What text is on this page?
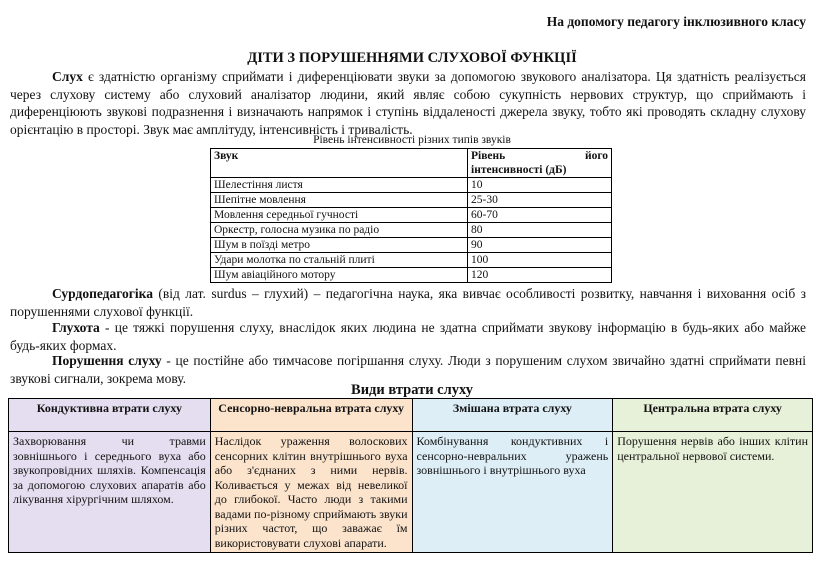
На допомогу педагогу інклюзивного класу
ДІТИ З ПОРУШЕННЯМИ СЛУХОВОЇ ФУНКЦІЇ
Слух є здатністю організму сприймати і диференціювати звуки за допомогою звукового аналізатора. Ця здатність реалізується через слухову систему або слуховий аналізатор людини, який являє собою сукупність нервових структур, що сприймають і диференціюють звукові подразнення і визначають напрямок і ступінь віддаленості джерела звуку, тобто які проводять складну слухову орієнтацію в просторі. Звук має амплітуду, інтенсивність і тривалість.
Рівень інтенсивності різних типів звуків
Звук	Рівень його
інтенсивності (дБ)

Шелестіння листя	10
Шепітне мовлення	25-30
Мовлення середньої гучності	60-70
Оркестр, голосна музика по радіо	80
Шум в поїзді метро	90
Удари молотка по стальній плиті	100
Шум авіаційного мотору	120
Сурдопедагогіка (від лат. surdus – глухий) – педагогічна наука, яка вивчає особливості розвитку, навчання і виховання осіб з порушеннями слухової функції.
Глухота - це тяжкі порушення слуху, внаслідок яких людина не здатна сприймати звукову інформацію в будь-яких або майже будь-яких формах.
Порушення слуху - це постійне або тимчасове погіршання слуху. Люди з порушеним слухом звичайно здатні сприймати певні звукові сигнали, зокрема мову.
Види втрати слуху
Кондуктивна втрати слуху	Сенсорно-невральна втрата слуху	Змішана втрата слуху	Центральна втрата слуху
Захворювання чи травми зовнішнього і середнього вуха або звукопровідних шляхів. Компенсація за допомогою слухових апаратів або лікування хірургічним шляхом.	Наслідок ураження волоскових сенсорних клітин внутрішнього вуха або з'єднаних з ними нервів. Коливається у межах від невеликої до глибокої. Часто люди з такими вадами по-різному сприймають звуки різних частот, що заважає їм використовувати слухові апарати.	Комбінування кондуктивних і сенсорно-невральних уражень зовнішнього і внутрішнього вуха	Порушення нервів або інших клітин центральної нервової системи.
